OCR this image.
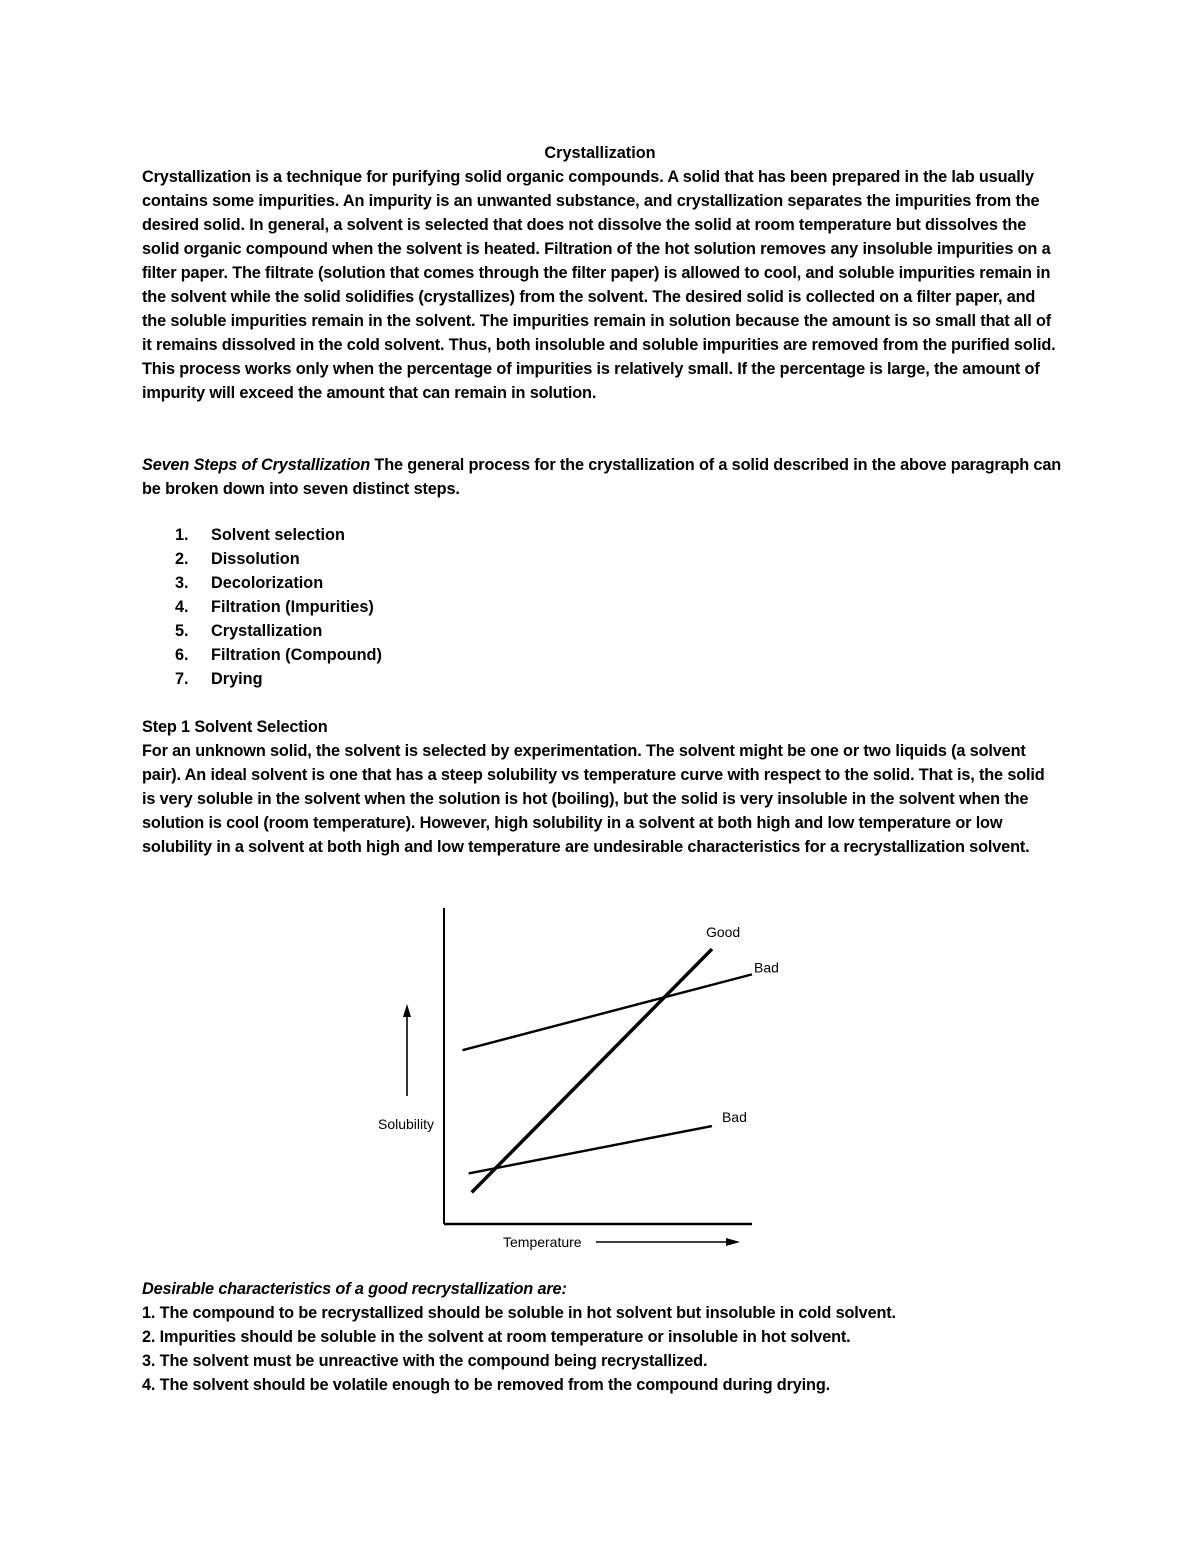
Crystallization
Crystallization is a technique for purifying solid organic compounds. A solid that has been prepared in the lab usually contains some impurities. An impurity is an unwanted substance, and crystallization separates the impurities from the desired solid. In general, a solvent is selected that does not dissolve the solid at room temperature but dissolves the solid organic compound when the solvent is heated. Filtration of the hot solution removes any insoluble impurities on a filter paper. The filtrate (solution that comes through the filter paper) is allowed to cool, and soluble impurities remain in the solvent while the solid solidifies (crystallizes) from the solvent. The desired solid is collected on a filter paper, and the soluble impurities remain in the solvent. The impurities remain in solution because the amount is so small that all of it remains dissolved in the cold solvent. Thus, both insoluble and soluble impurities are removed from the purified solid. This process works only when the percentage of impurities is relatively small. If the percentage is large, the amount of impurity will exceed the amount that can remain in solution.
Seven Steps of Crystallization The general process for the crystallization of a solid described in the above paragraph can be broken down into seven distinct steps.
1. Solvent selection
2. Dissolution
3. Decolorization
4. Filtration (Impurities)
5. Crystallization
6. Filtration (Compound)
7. Drying
Step 1 Solvent Selection
For an unknown solid, the solvent is selected by experimentation. The solvent might be one or two liquids (a solvent pair). An ideal solvent is one that has a steep solubility vs temperature curve with respect to the solid. That is, the solid is very soluble in the solvent when the solution is hot (boiling), but the solid is very insoluble in the solvent when the solution is cool (room temperature). However, high solubility in a solvent at both high and low temperature or low solubility in a solvent at both high and low temperature are undesirable characteristics for a recrystallization solvent.
Solubility
Temperature
Good
Bad
Bad
Desirable characteristics of a good recrystallization are:
1. The compound to be recrystallized should be soluble in hot solvent but insoluble in cold solvent.
2. Impurities should be soluble in the solvent at room temperature or insoluble in hot solvent.
3. The solvent must be unreactive with the compound being recrystallized.
4. The solvent should be volatile enough to be removed from the compound during drying.
